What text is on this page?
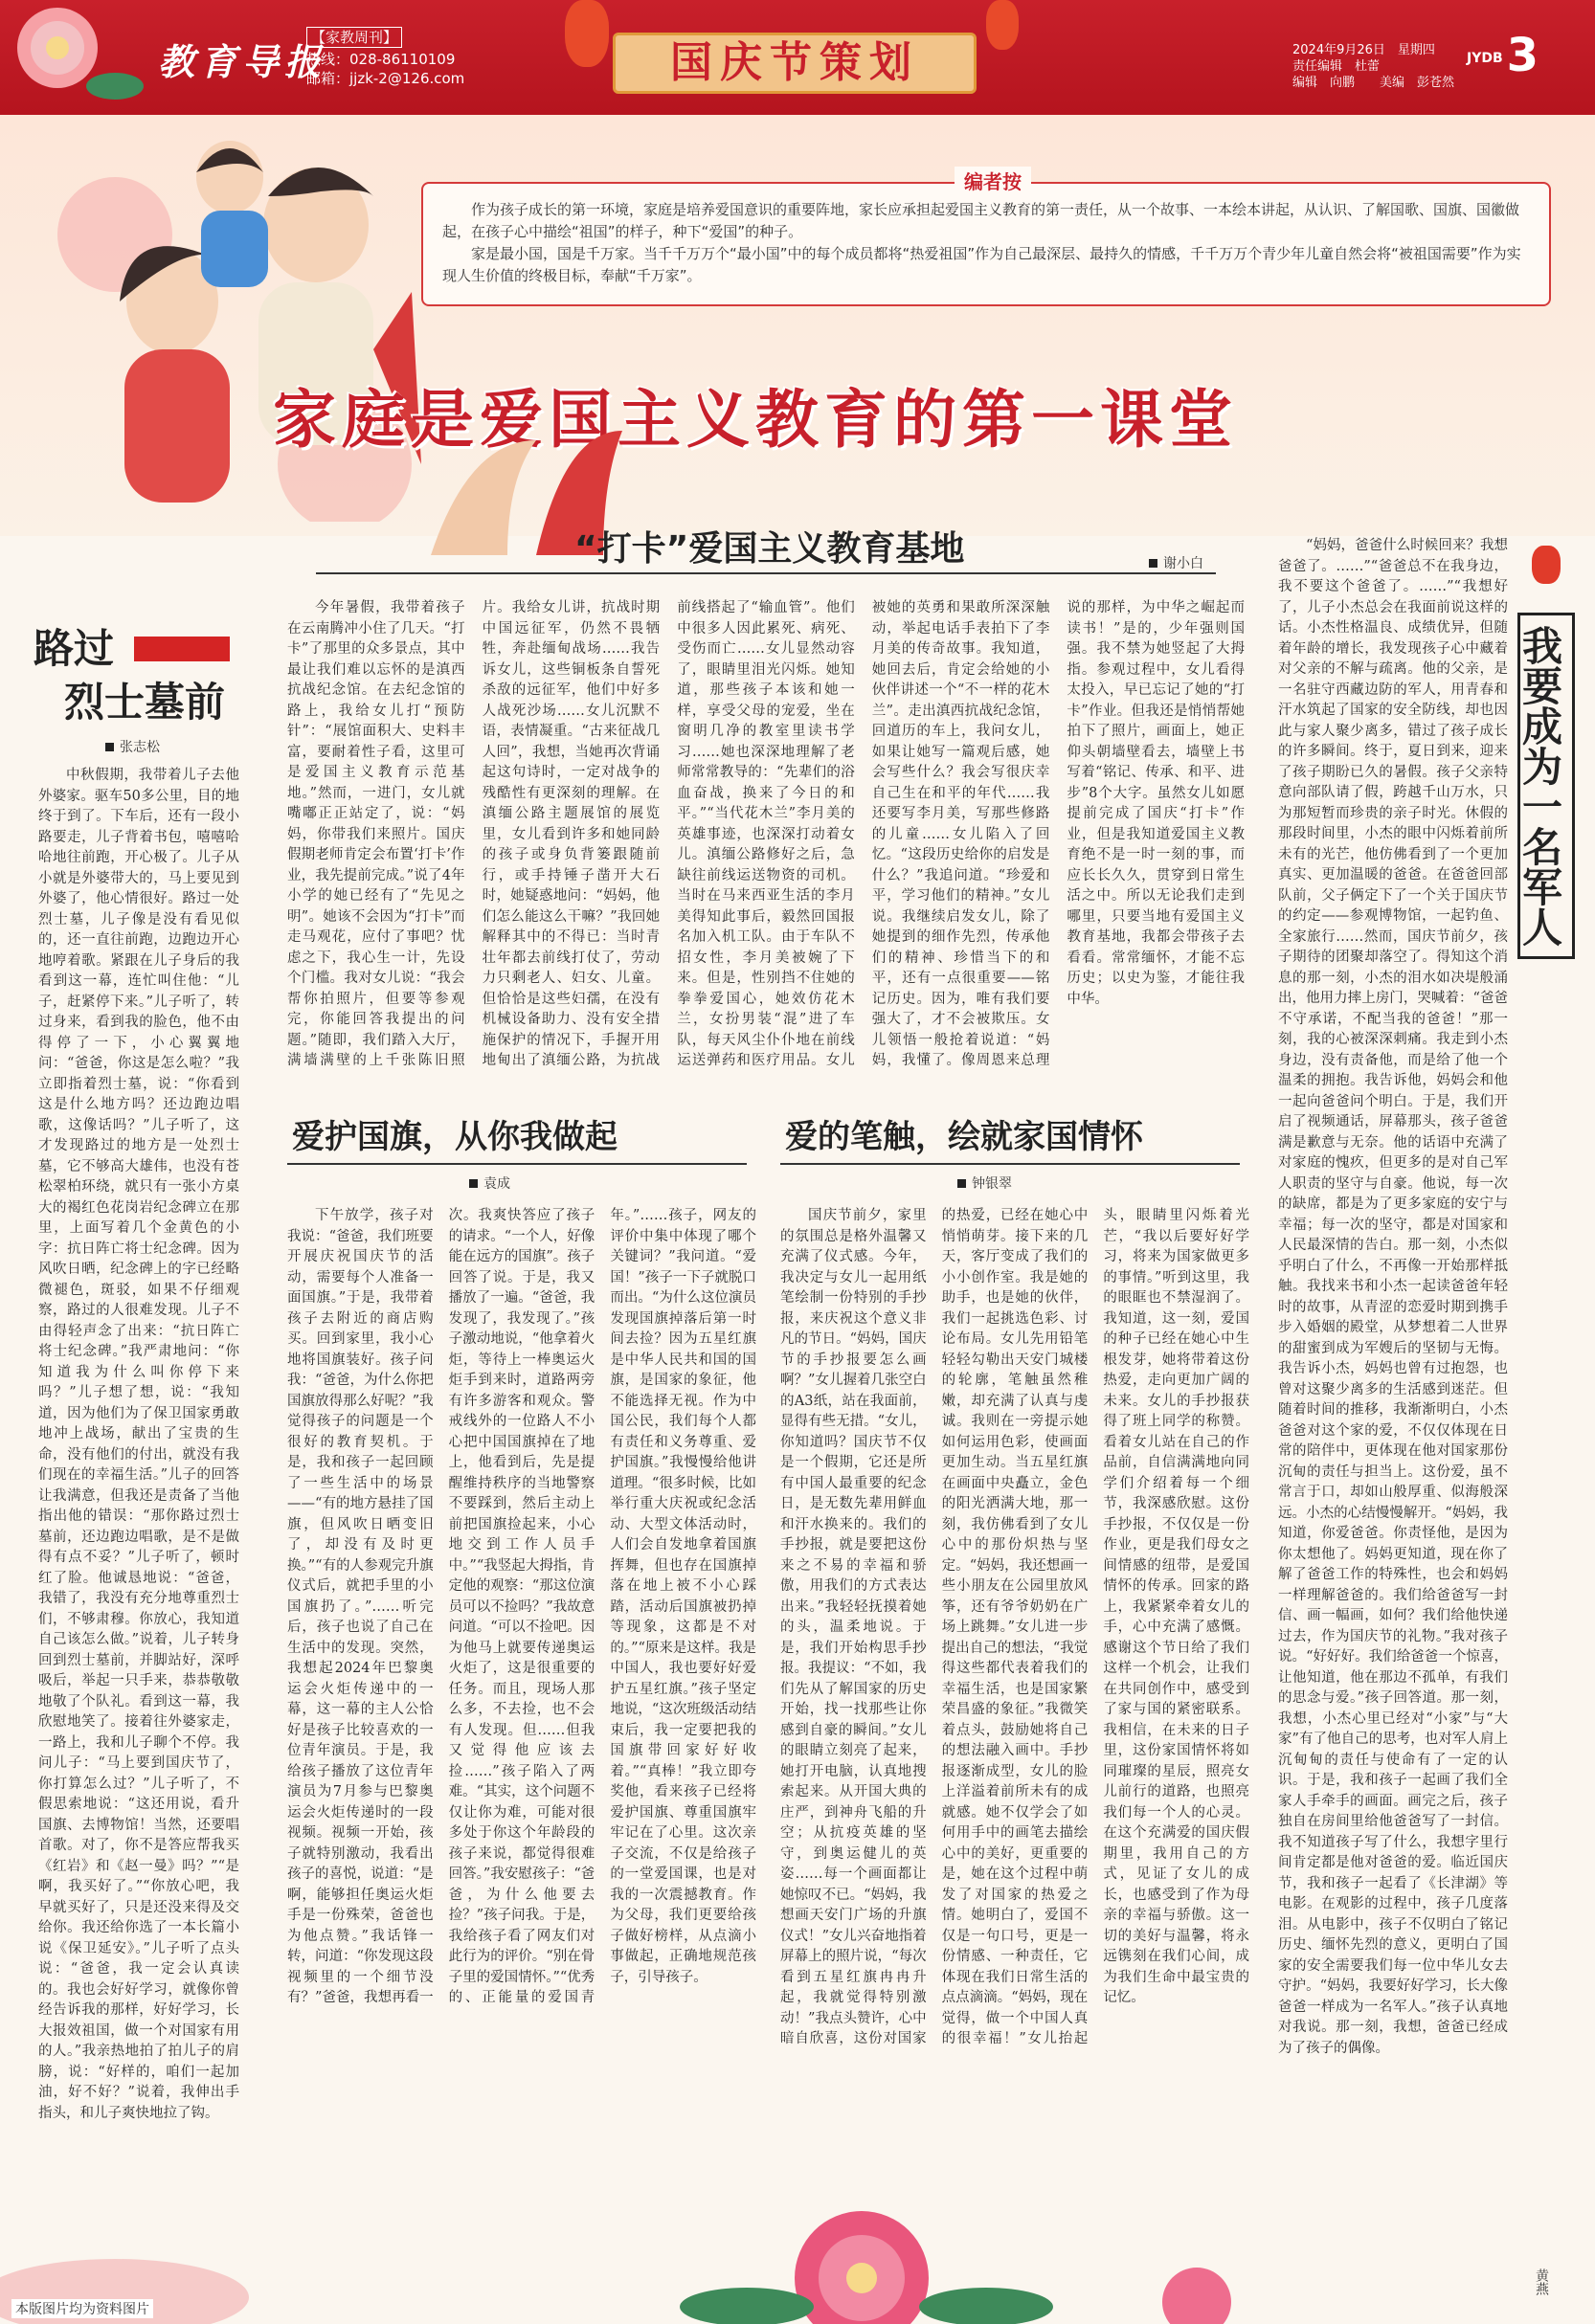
教育导报
【家教周刊】
热线：028-86110109
邮箱：jjzk-2@126.com	国庆节策划	2024年9月26日　星期四
责任编辑　杜蕾
编辑　向鹏　　美编　彭苍然
JYDB3
编者按

作为孩子成长的第一环境，家庭是培养爱国意识的重要阵地，家长应承担起爱国主义教育的第一责任，从一个故事、一本绘本讲起，从认识、了解国歌、国旗、国徽做起，在孩子心中描绘“祖国”的样子，种下“爱国”的种子。

家是最小国，国是千万家。当千千万万个“最小国”中的每个成员都将“热爱祖国”作为自己最深层、最持久的情感，千千万万个青少年儿童自然会将“被祖国需要”作为实现人生价值的终极目标，奉献“千万家”。

家庭是爱国主义教育的第一课堂
“打卡”爱国主义教育基地	谢小白
路过
烈士墓前
张志松

中秋假期，我带着儿子去他外婆家。驱车50多公里，目的地终于到了。下车后，还有一段小路要走，儿子背着书包，嘻嘻哈哈地往前跑，开心极了。儿子从小就是外婆带大的，马上要见到外婆了，他心情很好。路过一处烈士墓，儿子像是没有看见似的，还一直往前跑，边跑边开心地哼着歌。紧跟在儿子身后的我看到这一幕，连忙叫住他：“儿子，赶紧停下来。”儿子听了，转过身来，看到我的脸色，他不由得停了一下，小心翼翼地问：“爸爸，你这是怎么啦？”我立即指着烈士墓，说：“你看到这是什么地方吗？还边跑边唱歌，这像话吗？”儿子听了，这才发现路过的地方是一处烈士墓，它不够高大雄伟，也没有苍松翠柏环绕，就只有一张小方桌大的褐红色花岗岩纪念碑立在那里，上面写着几个金黄色的小字：抗日阵亡将士纪念碑。因为风吹日晒，纪念碑上的字已经略微褪色，斑驳，如果不仔细观察，路过的人很难发现。儿子不由得轻声念了出来：“抗日阵亡将士纪念碑。”我严肃地问：“你知道我为什么叫你停下来吗？”儿子想了想，说：“我知道，因为他们为了保卫国家勇敢地冲上战场，献出了宝贵的生命，没有他们的付出，就没有我们现在的幸福生活。”儿子的回答让我满意，但我还是责备了当他指出他的错误：“那你路过烈士墓前，还边跑边唱歌，是不是做得有点不妥？”儿子听了，顿时红了脸。他诚恳地说：“爸爸，我错了，我没有充分地尊重烈士们，不够肃穆。你放心，我知道自己该怎么做。”说着，儿子转身回到烈士墓前，并脚站好，深呼吸后，举起一只手来，恭恭敬敬地敬了个队礼。看到这一幕，我欣慰地笑了。接着往外婆家走，一路上，我和儿子聊个不停。我问儿子：“马上要到国庆节了，你打算怎么过？”儿子听了，不假思索地说：“这还用说，看升国旗、去博物馆！当然，还要唱首歌。对了，你不是答应帮我买《红岩》和《赵一曼》吗？”“是啊，我买好了。”“你放心吧，我早就买好了，只是还没来得及交给你。我还给你选了一本长篇小说《保卫延安》。”儿子听了点头说：“爸爸，我一定会认真读的。我也会好好学习，就像你曾经告诉我的那样，好好学习，长大报效祖国，做一个对国家有用的人。”我亲热地拍了拍儿子的肩膀，说：“好样的，咱们一起加油，好不好？”说着，我伸出手指头，和儿子爽快地拉了钩。

今年暑假，我带着孩子在云南腾冲小住了几天。“打卡”了那里的众多景点，其中最让我们难以忘怀的是滇西抗战纪念馆。在去纪念馆的路上，我给女儿打“预防针”：“展馆面积大、史料丰富，要耐着性子看，这里可是爱国主义教育示范基地。”然而，一进门，女儿就嘴嘟正正站定了，说：“妈妈，你带我们来照片。国庆假期老师肯定会布置‘打卡’作业，我先提前完成。”说了4年小学的她已经有了“先见之明”。她该不会因为“打卡”而走马观花，应付了事吧？忧虑之下，我心生一计，先设个门槛。我对女儿说：“我会帮你拍照片，但要等参观完，你能回答我提出的问题。”随即，我们踏入大厅，满墙满壁的上千张陈旧照片。我给女儿讲，抗战时期中国远征军，仍然不畏牺牲，奔赴缅甸战场……我告诉女儿，这些铜板条自誓死杀敌的远征军，他们中好多人战死沙场……女儿沉默不语，表情凝重。“古来征战几人回”，我想，当她再次背诵起这句诗时，一定对战争的残酷性有更深刻的理解。在滇缅公路主题展馆的展览里，女儿看到许多和她同龄的孩子或身负背篓跟随前行，或手持锤子凿开大石时，她疑惑地问：“妈妈，他们怎么能这么干嘛？”我回她解释其中的不得已：当时青壮年都去前线打仗了，劳动力只剩老人、妇女、儿童。但恰恰是这些妇孺，在没有机械设备助力、没有安全措施保护的情况下，手握开用地甸出了滇缅公路，为抗战前线搭起了“输血管”。他们中很多人因此累死、病死、受伤而亡……女儿显然动容了，眼睛里泪光闪烁。她知道，那些孩子本该和她一样，享受父母的宠爱，坐在窗明几净的教室里读书学习……她也深深地理解了老师常常教导的：“先辈们的浴血奋战，换来了今日的和平。”“当代花木兰”李月美的英雄事迹，也深深打动着女儿。滇缅公路修好之后，急缺往前线运送物资的司机。当时在马来西亚生活的李月美得知此事后，毅然回国报名加入机工队。由于车队不招女性，李月美被婉了下来。但是，性别挡不住她的拳拳爱国心，她效仿花木兰，女扮男装“混”进了车队，每天风尘仆仆地在前线运送弹药和医疗用品。女儿被她的英勇和果敢所深深触动，举起电话手表拍下了李月美的传奇故事。我知道，她回去后，肯定会给她的小伙伴讲述一个“不一样的花木兰”。走出滇西抗战纪念馆，回道历的车上，我问女儿，如果让她写一篇观后感，她会写些什么？我会写很庆幸自己生在和平的年代……我还要写李月美，写那些修路的儿童……女儿陷入了回忆。“这段历史给你的启发是什么？”我追问道。“珍爱和平，学习他们的精神。”女儿说。我继续启发女儿，除了她提到的细作先烈，传承他们的精神、珍惜当下的和平，还有一点很重要——铭记历史。因为，唯有我们要强大了，才不会被欺压。女儿领悟一般抢着说道：“妈妈，我懂了。像周恩来总理说的那样，为中华之崛起而读书！”是的，少年强则国强。我不禁为她竖起了大拇指。参观过程中，女儿看得太投入，早已忘记了她的“打卡”作业。但我还是悄悄帮她拍下了照片，画面上，她正仰头朝墙壁看去，墙壁上书写着“铭记、传承、和平、进步”8个大字。虽然女儿如愿提前完成了国庆“打卡”作业，但是我知道爱国主义教育绝不是一时一刻的事，而应长长久久，贯穿到日常生活之中。所以无论我们走到哪里，只要当地有爱国主义教育基地，我都会带孩子去看看。常常缅怀，才能不忘历史；以史为鉴，才能往我中华。

爱护国旗，从你我做起
袁成

下午放学，孩子对我说：“爸爸，我们班要开展庆祝国庆节的活动，需要每个人准备一面国旗。”于是，我带着孩子去附近的商店购买。回到家里，我小心地将国旗装好。孩子问我：“爸爸，为什么你把国旗放得那么好呢？”我觉得孩子的问题是一个很好的教育契机。于是，我和孩子一起回顾了一些生活中的场景——“有的地方悬挂了国旗，但风吹日晒变旧了，却没有及时更换。”“有的人参观完升旗仪式后，就把手里的小国旗扔了。”……听完后，孩子也说了自己在生活中的发现。突然，我想起2024年巴黎奥运会火炬传递中的一幕，这一幕的主人公恰好是孩子比较喜欢的一位青年演员。于是，我给孩子播放了这位青年演员为7月参与巴黎奥运会火炬传递时的一段视频。视频一开始，孩子就特别激动，我看出孩子的喜悦，说道：“是啊，能够担任奥运火炬手是一份殊荣，爸爸也为他点赞。”我话锋一转，问道：“你发现这段视频里的一个细节没有？”爸爸，我想再看一次。我爽快答应了孩子的请求。“一个人，好像能在远方的国旗”。孩子回答了说。于是，我又播放了一遍。“爸爸，我发现了，我发现了。”孩子激动地说，“他拿着火炬，等待上一棒奥运火炬手到来时，道路两旁有许多游客和观众。警戒线外的一位路人不小心把中国国旗掉在了地上，他看到后，先是提醒维持秩序的当地警察不要踩到，然后主动上前把国旗捡起来，小心地交到工作人员手中。”“我竖起大拇指，肯定他的观察：“那这位演员可以不捡吗？”我故意问道。“可以不捡吧。因为他马上就要传递奥运火炬了，这是很重要的任务。而且，现场人那么多，不去捡，也不会有人发现。但……但我又觉得他应该去捡……”孩子陷入了两难。“其实，这个问题不仅让你为难，可能对很多处于你这个年龄段的孩子来说，都觉得很难回答。”我安慰孩子：“爸爸，为什么他要去捡？”孩子问我。于是，我给孩子看了网友们对此行为的评价。“别在骨子里的爱国情怀。”“优秀的、正能量的爱国青年。”……孩子，网友的评价中集中体现了哪个关键词？”我问道。“爱国！”孩子一下子就脱口而出。“为什么这位演员发现国旗掉落后第一时间去捡？因为五星红旗是中华人民共和国的国旗，是国家的象征，他不能选择无视。作为中国公民，我们每个人都有责任和义务尊重、爱护国旗。”我慢慢给他讲道理。“很多时候，比如举行重大庆祝或纪念活动、大型文体活动时，人们会自发地拿着国旗挥舞，但也存在国旗掉落在地上被不小心踩踏，活动后国旗被扔掉等现象，这都是不对的。”“原来是这样。我是中国人，我也要好好爱护五星红旗。”孩子坚定地说，“这次班级活动结束后，我一定要把我的国旗带回家好好收着。”“真棒！”我立即夸奖他，看来孩子已经将爱护国旗、尊重国旗牢牢记在了心里。这次亲子交流，不仅是给孩子的一堂爱国课，也是对我的一次震撼教育。作为父母，我们更要给孩子做好榜样，从点滴小事做起，正确地规范孩子，引导孩子。

爱的笔触，绘就家国情怀
钟银翠

国庆节前夕，家里的氛围总是格外温馨又充满了仪式感。今年，我决定与女儿一起用纸笔绘制一份特别的手抄报，来庆祝这个意义非凡的节日。“妈妈，国庆节的手抄报要怎么画啊？”女儿握着几张空白的A3纸，站在我面前，显得有些无措。“女儿，你知道吗？国庆节不仅是一个假期，它还是所有中国人最重要的纪念日，是无数先辈用鲜血和汗水换来的。我们的手抄报，就是要把这份来之不易的幸福和骄傲，用我们的方式表达出来。”我轻轻抚摸着她的头，温柔地说。于是，我们开始构思手抄报。我提议：“不如，我们先从了解国家的历史开始，找一找那些让你感到自豪的瞬间。”女儿的眼睛立刻亮了起来，她打开电脑，认真地搜索起来。从开国大典的庄严，到神舟飞船的升空；从抗疫英雄的坚守，到奥运健儿的英姿……每一个画面都让她惊叹不已。“妈妈，我想画天安门广场的升旗仪式！”女儿兴奋地指着屏幕上的照片说，“每次看到五星红旗冉冉升起，我就觉得特别激动！”我点头赞许，心中暗自欣喜，这份对国家的热爱，已经在她心中悄悄萌芽。接下来的几天，客厅变成了我们的小小创作室。我是她的助手，也是她的伙伴，我们一起挑选色彩、讨论布局。女儿先用铅笔轻轻勾勒出天安门城楼的轮廓，笔触虽然稚嫩，却充满了认真与虔诚。我则在一旁提示她如何运用色彩，使画面更加生动。当五星红旗在画面中央矗立，金色的阳光洒满大地，那一刻，我仿佛看到了女儿心中的那份炽热与坚定。“妈妈，我还想画一些小朋友在公园里放风筝，还有爷爷奶奶在广场上跳舞。”女儿进一步提出自己的想法，“我觉得这些都代表着我们的幸福生活，也是国家繁荣昌盛的象征。”我微笑着点头，鼓励她将自己的想法融入画中。手抄报逐渐成型，女儿的脸上洋溢着前所未有的成就感。她不仅学会了如何用手中的画笔去描绘心中的美好，更重要的是，她在这个过程中萌发了对国家的热爱之情。她明白了，爱国不仅是一句口号，更是一份情感、一种责任，它体现在我们日常生活的点点滴滴。“妈妈，现在觉得，做一个中国人真的很幸福！”女儿抬起头，眼睛里闪烁着光芒，“我以后要好好学习，将来为国家做更多的事情。”听到这里，我的眼眶也不禁湿润了。我知道，这一刻，爱国的种子已经在她心中生根发芽，她将带着这份热爱，走向更加广阔的未来。女儿的手抄报获得了班上同学的称赞。看着女儿站在自己的作品前，自信满满地向同学们介绍着每一个细节，我深感欣慰。这份手抄报，不仅仅是一份作业，更是我们母女之间情感的纽带，是爱国情怀的传承。回家的路上，我紧紧牵着女儿的手，心中充满了感慨。感谢这个节日给了我们这样一个机会，让我们在共同创作中，感受到了家与国的紧密联系。我相信，在未来的日子里，这份家国情怀将如同璀璨的星辰，照亮女儿前行的道路，也照亮我们每一个人的心灵。在这个充满爱的国庆假期里，我用自己的方式，见证了女儿的成长，也感受到了作为母亲的幸福与骄傲。这一切的美好与温馨，将永远镌刻在我们心间，成为我们生命中最宝贵的记忆。

“妈妈，爸爸什么时候回来？我想爸爸了。……”“爸爸总不在我身边，我不要这个爸爸了。……”“我想好了，儿子小杰总会在我面前说这样的话。小杰性格温良、成绩优异，但随着年龄的增长，我发现孩子心中藏着对父亲的不解与疏离。他的父亲，是一名驻守西藏边防的军人，用青春和汗水筑起了国家的安全防线，却也因此与家人聚少离多，错过了孩子成长的许多瞬间。终于，夏日到来，迎来了孩子期盼已久的暑假。孩子父亲特意向部队请了假，跨越千山万水，只为那短暂而珍贵的亲子时光。休假的那段时间里，小杰的眼中闪烁着前所未有的光芒，他仿佛看到了一个更加真实、更加温暖的爸爸。在爸爸回部队前，父子俩定下了一个关于国庆节的约定——参观博物馆，一起钓鱼、全家旅行……然而，国庆节前夕，孩子期待的团聚却落空了。得知这个消息的那一刻，小杰的泪水如决堤般涌出，他用力摔上房门，哭喊着：“爸爸不守承诺，不配当我的爸爸！”那一刻，我的心被深深刺痛。我走到小杰身边，没有责备他，而是给了他一个温柔的拥抱。我告诉他，妈妈会和他一起向爸爸问个明白。于是，我们开启了视频通话，屏幕那头，孩子爸爸满是歉意与无奈。他的话语中充满了对家庭的愧疚，但更多的是对自己军人职责的坚守与自豪。他说，每一次的缺席，都是为了更多家庭的安宁与幸福；每一次的坚守，都是对国家和人民最深情的告白。那一刻，小杰似乎明白了什么，不再像一开始那样抵触。我找来书和小杰一起读爸爸年轻时的故事，从青涩的恋爱时期到携手步入婚姻的殿堂，从梦想着二人世界的甜蜜到成为军嫂后的坚韧与无悔。我告诉小杰，妈妈也曾有过抱怨，也曾对这聚少离多的生活感到迷茫。但随着时间的推移，我渐渐明白，小杰爸爸对这个家的爱，不仅仅体现在日常的陪伴中，更体现在他对国家那份沉甸的责任与担当上。这份爱，虽不常言于口，却如山般厚重、似海般深远。小杰的心结慢慢解开。“妈妈，我知道，你爱爸爸。你责怪他，是因为你太想他了。妈妈更知道，现在你了解了爸爸工作的特殊性，也会和妈妈一样理解爸爸的。我们给爸爸写一封信、画一幅画，如何？我们给他快递过去，作为国庆节的礼物。”我对孩子说。“好好好。我们给爸爸一个惊喜，让他知道，他在那边不孤单，有我们的思念与爱。”孩子回答道。那一刻，我想，小杰心里已经对“小家”与“大家”有了他自己的思考，也对军人肩上沉甸甸的责任与使命有了一定的认识。于是，我和孩子一起画了我们全家人手牵手的画面。画完之后，孩子独自在房间里给他爸爸写了一封信。我不知道孩子写了什么，我想字里行间肯定都是他对爸爸的爱。临近国庆节，我和孩子一起看了《长津湖》等电影。在观影的过程中，孩子几度落泪。从电影中，孩子不仅明白了铭记历史、缅怀先烈的意义，更明白了国家的安全需要我们每一位中华儿女去守护。“妈妈，我要好好学习，长大像爸爸一样成为一名军人。”孩子认真地对我说。那一刻，我想，爸爸已经成为了孩子的偶像。

我要成为一名军人
黄燕
本版图片均为资料图片
